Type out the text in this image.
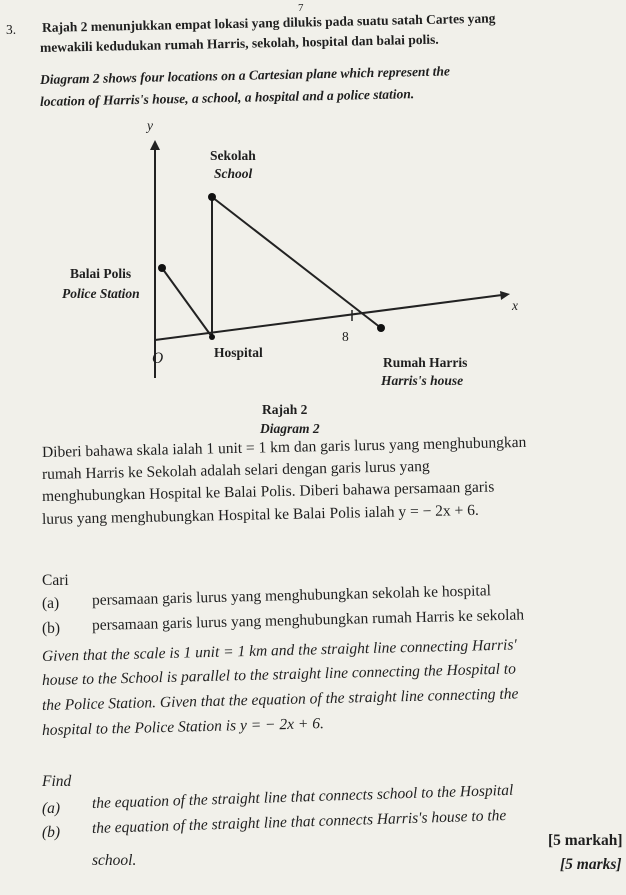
7
3. Rajah 2 menunjukkan empat lokasi yang dilukis pada suatu satah Cartes yang
mewakili kedudukan rumah Harris, sekolah, hospital dan balai polis.
Diagram 2 shows four locations on a Cartesian plane which represent the
location of Harris's house, a school, a hospital and a police station.
y
x
O
8
Sekolah
School
Balai Polis
Police Station
Hospital
Rumah Harris
Harris's house
Rajah 2
Diagram 2
Diberi bahawa skala ialah 1 unit = 1 km dan garis lurus yang menghubungkan
rumah Harris ke Sekolah adalah selari dengan garis lurus yang
menghubungkan Hospital ke Balai Polis. Diberi bahawa persamaan garis
lurus yang menghubungkan Hospital ke Balai Polis ialah y = − 2x + 6.
Cari
(a) persamaan garis lurus yang menghubungkan sekolah ke hospital
(b) persamaan garis lurus yang menghubungkan rumah Harris ke sekolah
Given that the scale is 1 unit = 1 km and the straight line connecting Harris'
house to the School is parallel to the straight line connecting the Hospital to
the Police Station. Given that the equation of the straight line connecting the
hospital to the Police Station is y = − 2x + 6.
Find
(a) the equation of the straight line that connects school to the Hospital
(b) the equation of the straight line that connects Harris's house to the
school.
[5 markah]
[5 marks]
